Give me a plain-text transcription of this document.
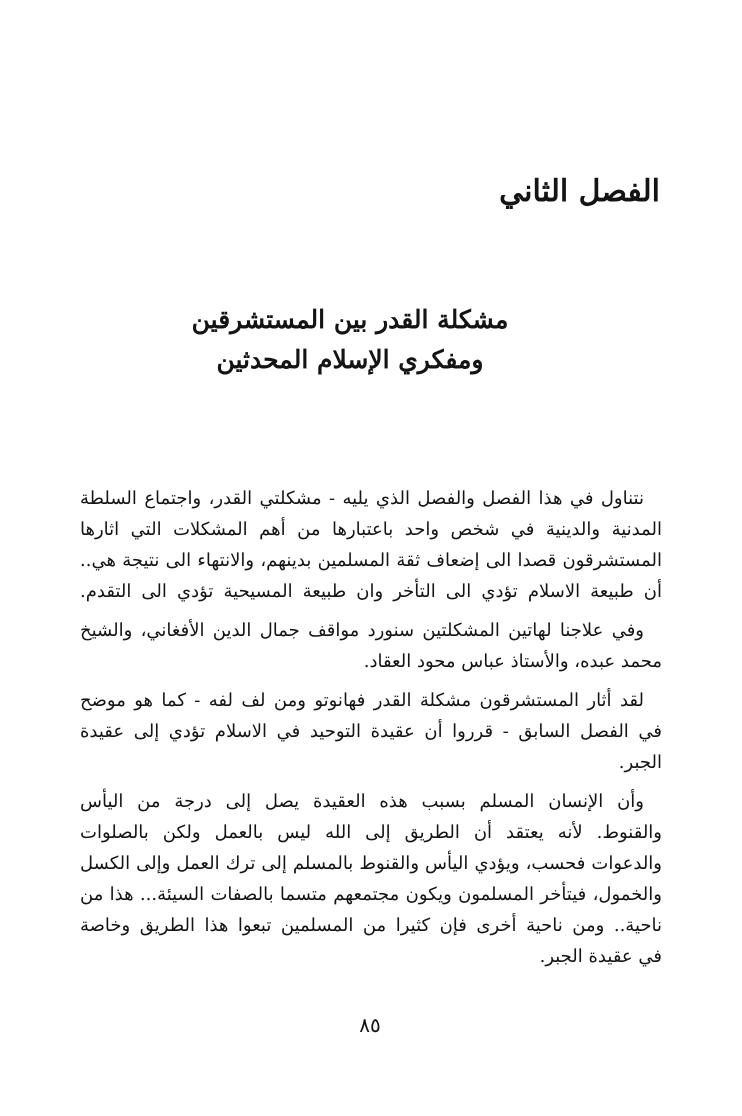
الفصل الثاني
مشكلة القدر بين المستشرقين
ومفكري الإسلام المحدثين
نتناول في هذا الفصل والفصل الذي يليه - مشكلتي القدر، واجتماع السلطة
المدنية والدينية في شخص واحد باعتبارها من أهم المشكلات التي اثارها
المستشرقون قصدا الى إضعاف ثقة المسلمين بدينهم، والانتهاء الى نتيجة هي..
أن طبيعة الاسلام تؤدي الى التأخر وان طبيعة المسيحية تؤدي الى التقدم.
وفي علاجنا لهاتين المشكلتين سنورد مواقف جمال الدين الأفغاني، والشيخ
محمد عبده، والأستاذ عباس محود العقاد.
لقد أثار المستشرقون مشكلة القدر فهانوتو ومن لف لفه - كما هو موضح
في الفصل السابق - قرروا أن عقيدة التوحيد في الاسلام تؤدي إلى عقيدة
الجبر.
وأن الإنسان المسلم بسبب هذه العقيدة يصل إلى درجة من اليأس
والقنوط. لأنه يعتقد أن الطريق إلى الله ليس بالعمل ولكن بالصلوات
والدعوات فحسب، ويؤدي اليأس والقنوط بالمسلم إلى ترك العمل وإلى الكسل
والخمول، فيتأخر المسلمون ويكون مجتمعهم متسما بالصفات السيئة... هذا من
ناحية.. ومن ناحية أخرى فإن كثيرا من المسلمين تبعوا هذا الطريق وخاصة
في عقيدة الجبر.
٨٥
